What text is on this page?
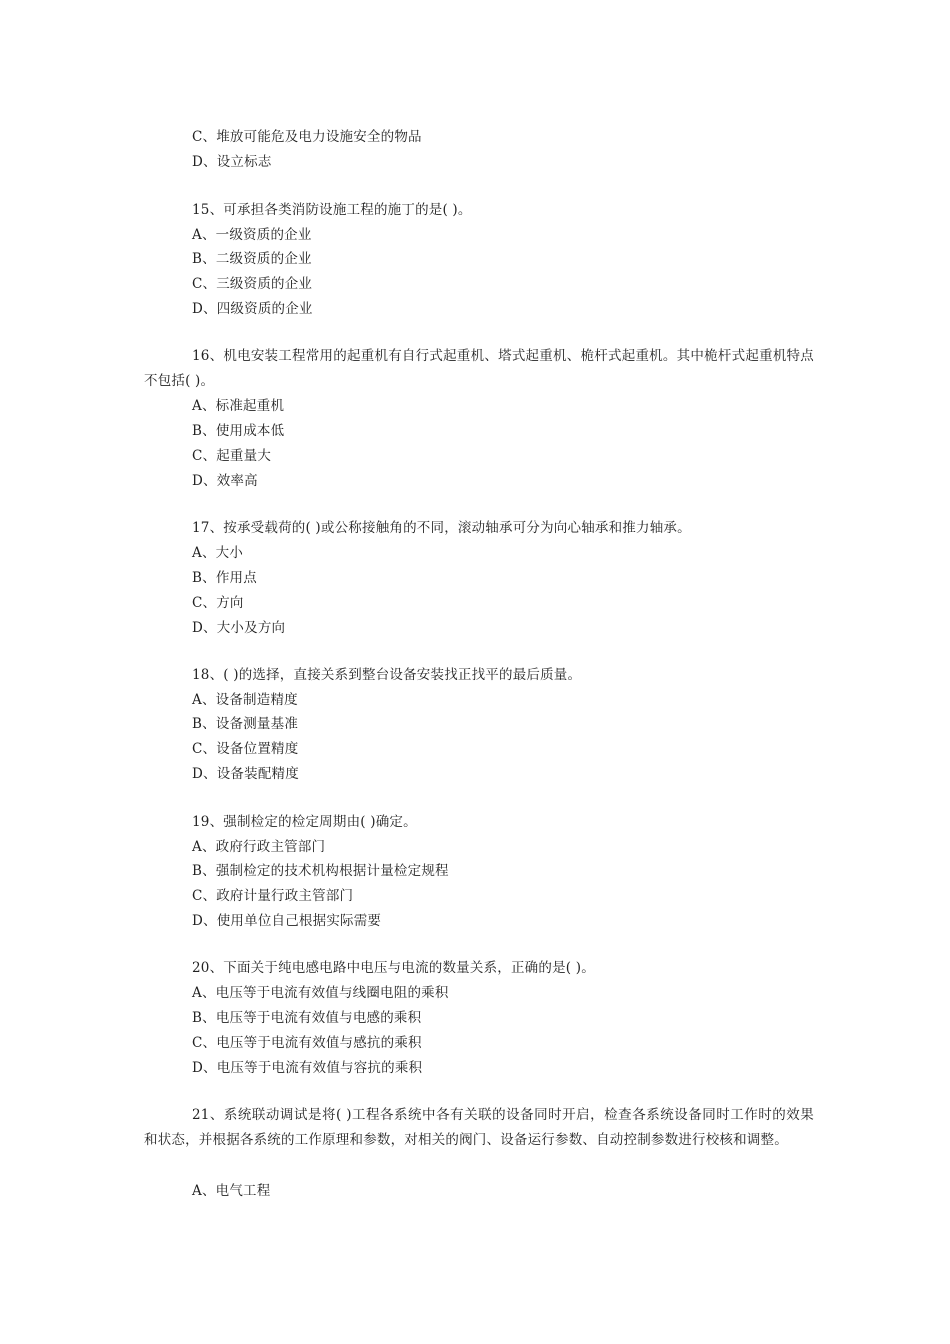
C、堆放可能危及电力设施安全的物品
D、设立标志
15、可承担各类消防设施工程的施丁的是( )。
A、一级资质的企业
B、二级资质的企业
C、三级资质的企业
D、四级资质的企业
16、机电安装工程常用的起重机有自行式起重机、塔式起重机、桅杆式起重机。其中桅杆式起重机特点不包括( )。
A、标准起重机
B、使用成本低
C、起重量大
D、效率高
17、按承受载荷的( )或公称接触角的不同，滚动轴承可分为向心轴承和推力轴承。
A、大小
B、作用点
C、方向
D、大小及方向
18、( )的选择，直接关系到整台设备安装找正找平的最后质量。
A、设备制造精度
B、设备测量基准
C、设备位置精度
D、设备装配精度
19、强制检定的检定周期由( )确定。
A、政府行政主管部门
B、强制检定的技术机构根据计量检定规程
C、政府计量行政主管部门
D、使用单位自己根据实际需要
20、下面关于纯电感电路中电压与电流的数量关系，正确的是( )。
A、电压等于电流有效值与线圈电阻的乘积
B、电压等于电流有效值与电感的乘积
C、电压等于电流有效值与感抗的乘积
D、电压等于电流有效值与容抗的乘积
21、系统联动调试是将( )工程各系统中各有关联的设备同时开启，检查各系统设备同时工作时的效果和状态，并根据各系统的工作原理和参数，对相关的阀门、设备运行参数、自动控制参数进行校核和调整。
A、电气工程
